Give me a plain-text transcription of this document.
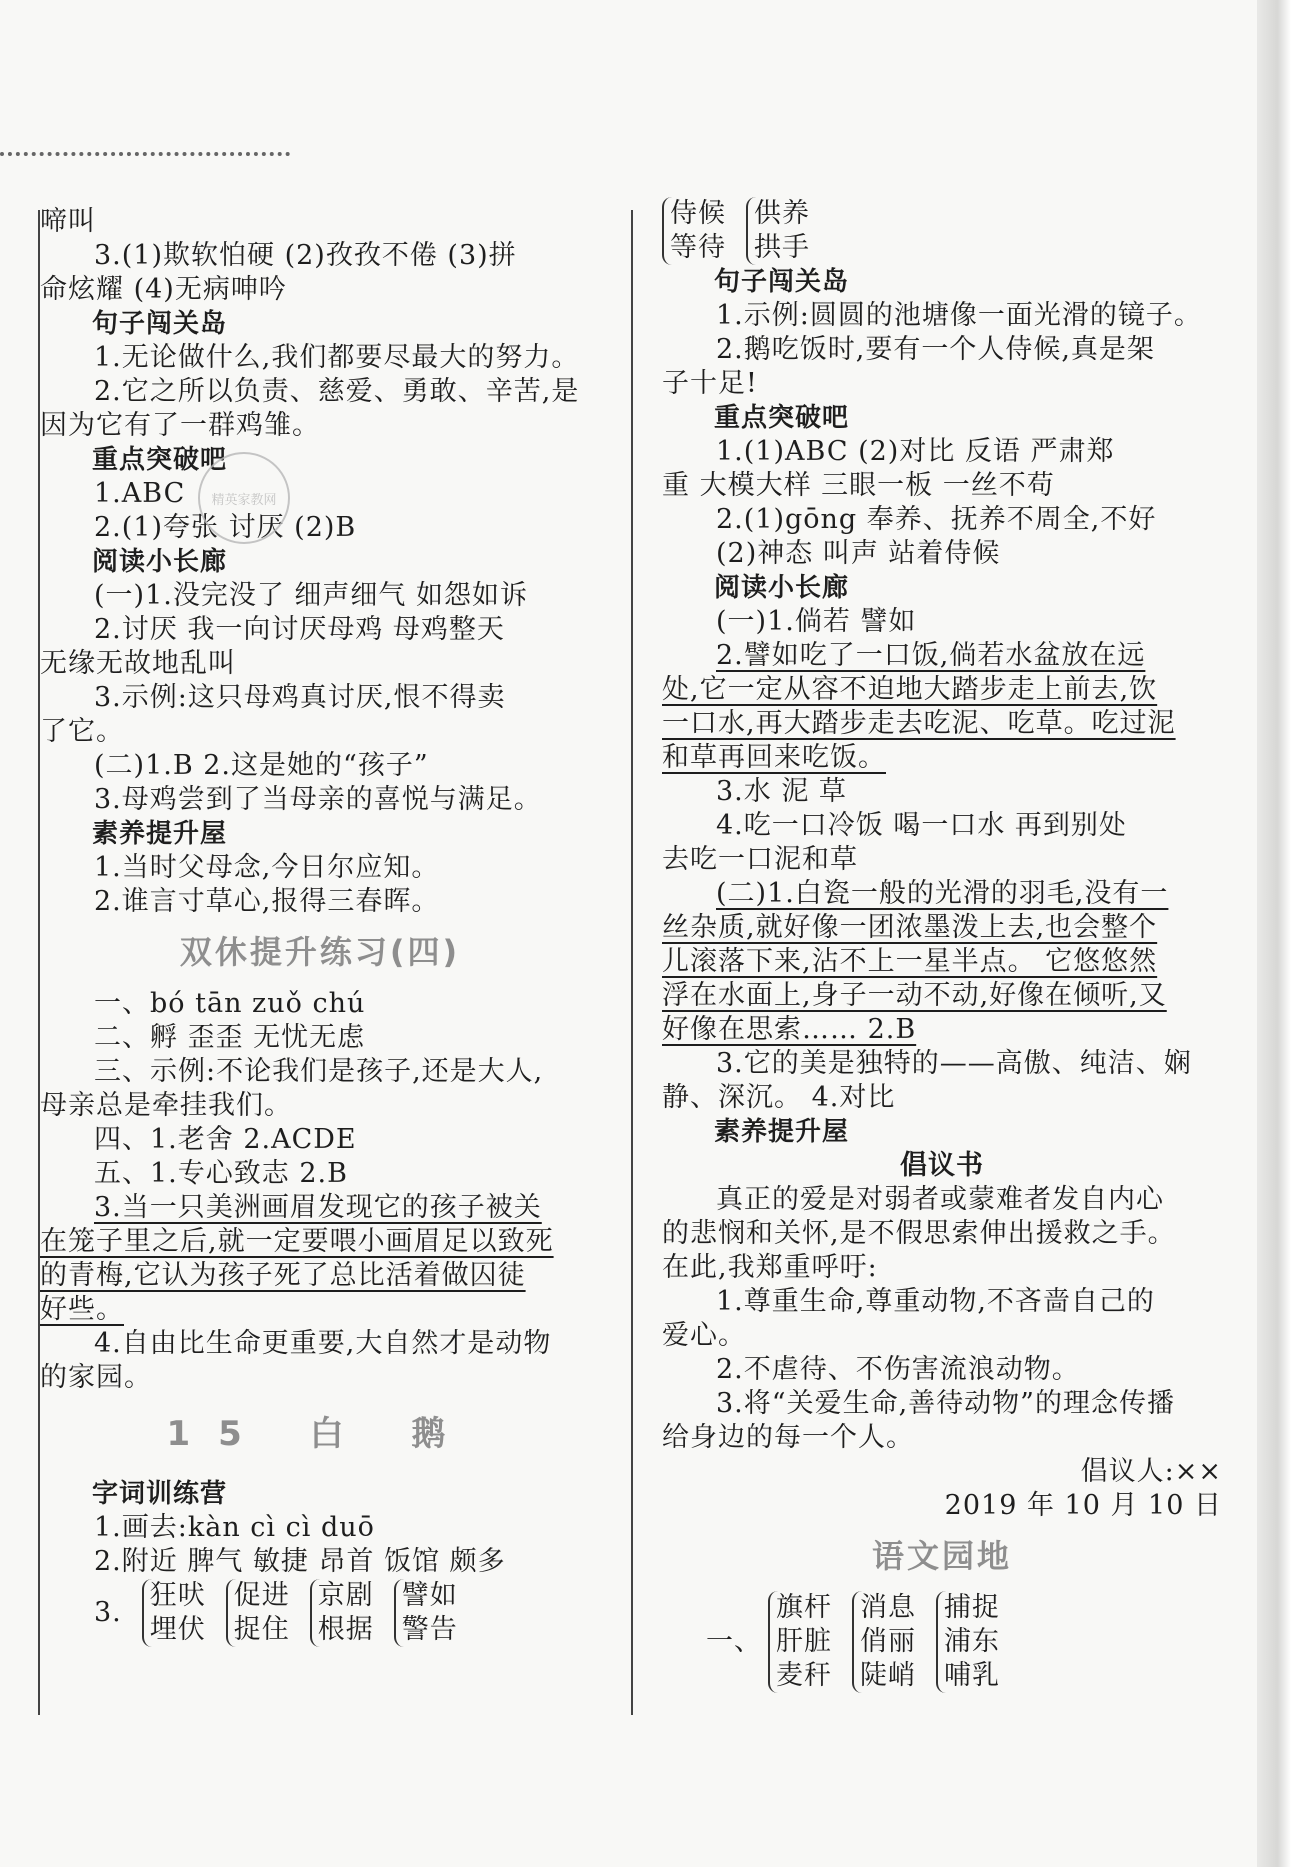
啼叫

3.(1)欺软怕硬 (2)孜孜不倦 (3)拼

命炫耀 (4)无病呻吟

句子闯关岛

1.无论做什么,我们都要尽最大的努力。

2.它之所以负责、慈爱、勇敢、辛苦,是

因为它有了一群鸡雏。

重点突破吧

1.ABC

2.(1)夸张 讨厌 (2)B

阅读小长廊

(一)1.没完没了 细声细气 如怨如诉

2.讨厌 我一向讨厌母鸡 母鸡整天

无缘无故地乱叫

3.示例:这只母鸡真讨厌,恨不得卖

了它。

(二)1.B 2.这是她的“孩子”

3.母鸡尝到了当母亲的喜悦与满足。

素养提升屋

1.当时父母念,今日尔应知。

2.谁言寸草心,报得三春晖。

双休提升练习(四)

一、bó tān zuǒ chú

二、孵 歪歪 无忧无虑

三、示例:不论我们是孩子,还是大人,

母亲总是牵挂我们。

四、1.老舍 2.ACDE

五、1.专心致志 2.B

3.当一只美洲画眉发现它的孩子被关

在笼子里之后,就一定要喂小画眉足以致死

的青梅,它认为孩子死了总比活着做囚徒

好些。

4.自由比生命更重要,大自然才是动物

的家园。

15 白 鹅

字词训练营

1.画去:kàn cì cì duō

2.附近 脾气 敏捷 昂首 饭馆 颇多

3.
狂吠
埋伏
促进
捉住
京剧
根据
譬如
警告
精英家教网
侍候
等待
供养
拱手

句子闯关岛

1.示例:圆圆的池塘像一面光滑的镜子。

2.鹅吃饭时,要有一个人侍候,真是架

子十足!

重点突破吧

1.(1)ABC (2)对比 反语 严肃郑

重 大模大样 三眼一板 一丝不苟

2.(1)gōng 奉养、抚养不周全,不好

(2)神态 叫声 站着侍候

阅读小长廊

(一)1.倘若 譬如

2.譬如吃了一口饭,倘若水盆放在远

处,它一定从容不迫地大踏步走上前去,饮

一口水,再大踏步走去吃泥、吃草。吃过泥

和草再回来吃饭。

3.水 泥 草

4.吃一口冷饭 喝一口水 再到别处

去吃一口泥和草

(二)1.白瓷一般的光滑的羽毛,没有一

丝杂质,就好像一团浓墨泼上去,也会整个

儿滚落下来,沾不上一星半点。 它悠悠然

浮在水面上,身子一动不动,好像在倾听,又

好像在思索…… 2.B

3.它的美是独特的——高傲、纯洁、娴

静、深沉。 4.对比

素养提升屋

倡议书

真正的爱是对弱者或蒙难者发自内心

的悲悯和关怀,是不假思索伸出援救之手。

在此,我郑重呼吁:

1.尊重生命,尊重动物,不吝啬自己的

爱心。

2.不虐待、不伤害流浪动物。

3.将“关爱生命,善待动物”的理念传播

给身边的每一个人。

倡议人:××

2019 年 10 月 10 日

语文园地
一、
旗杆
肝脏
麦秆
消息
俏丽
陡峭
捕捉
浦东
哺乳
